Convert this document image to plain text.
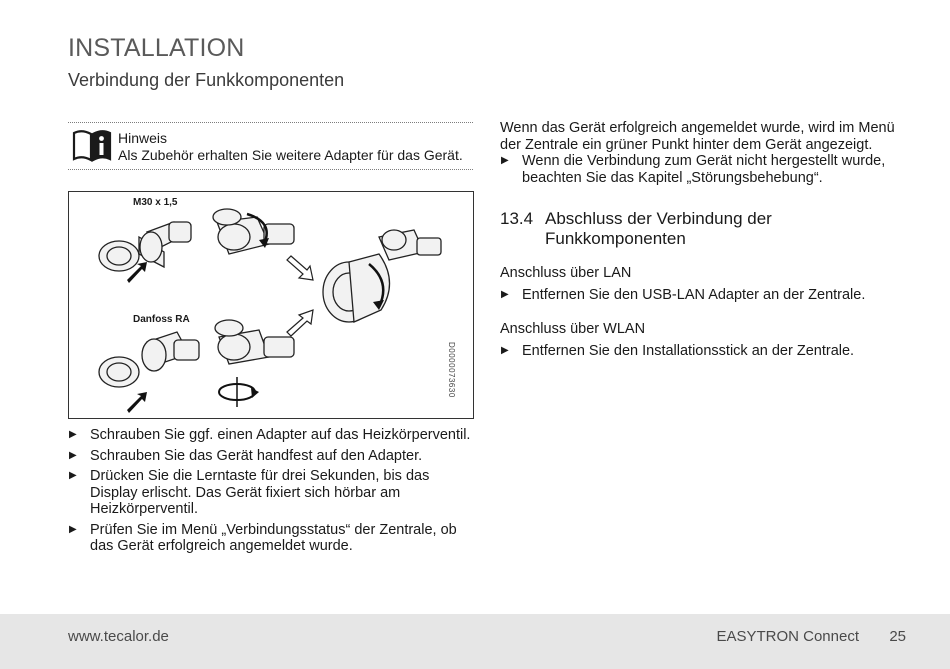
INSTALLATION
Verbindung der Funkkomponenten
Hinweis
Als Zubehör erhalten Sie weitere Adapter für das Gerät.
M30 x 1,5
Danfoss RA
D0000073630
▶ Schrauben Sie ggf. einen Adapter auf das Heizkörperventil.
▶ Schrauben Sie das Gerät handfest auf den Adapter.
▶ Drücken Sie die Lerntaste für drei Sekunden, bis das Display erlischt. Das Gerät fixiert sich hörbar am Heizkörperventil.
▶ Prüfen Sie im Menü „Verbindungsstatus“ der Zentrale, ob das Gerät erfolgreich angemeldet wurde.

Wenn das Gerät erfolgreich angemeldet wurde, wird im Menü der Zentrale ein grüner Punkt hinter dem Gerät angezeigt.

▶ Wenn die Verbindung zum Gerät nicht hergestellt wurde, beachten Sie das Kapitel „Störungsbehebung“.
13.4 Abschluss der Verbindung der Funkkomponenten
Anschluss über LAN
▶ Entfernen Sie den USB-LAN Adapter an der Zentrale.
Anschluss über WLAN
▶ Entfernen Sie den Installationsstick an der Zentrale.
www.tecalor.de	EASYTRON Connect 25
